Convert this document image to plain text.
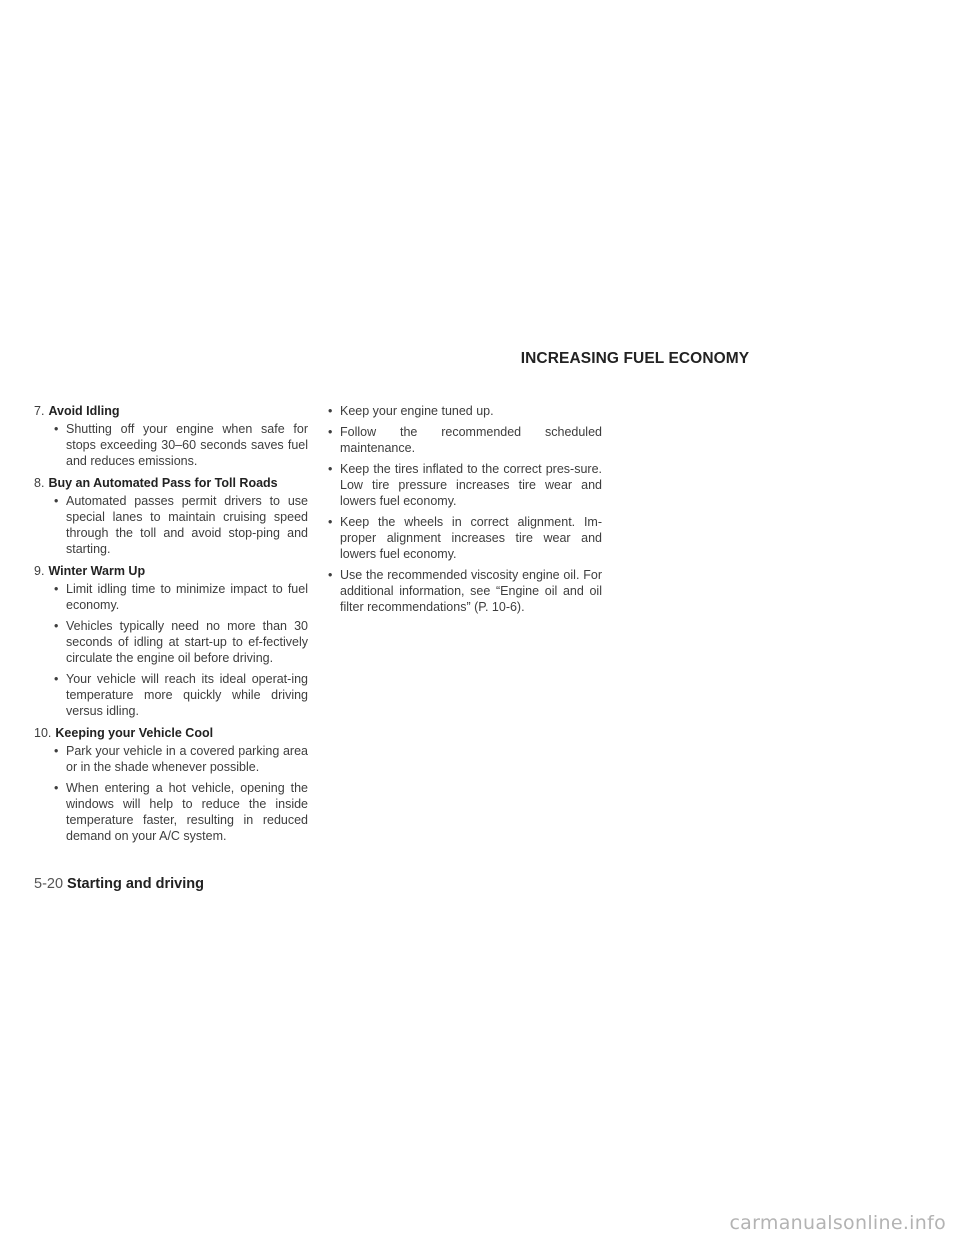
INCREASING FUEL ECONOMY
7. Avoid Idling
• Shutting off your engine when safe for stops exceeding 30–60 seconds saves fuel and reduces emissions.
8. Buy an Automated Pass for Toll Roads
• Automated passes permit drivers to use special lanes to maintain cruising speed through the toll and avoid stop-ping and starting.
9. Winter Warm Up
• Limit idling time to minimize impact to fuel economy.
• Vehicles typically need no more than 30 seconds of idling at start-up to ef-fectively circulate the engine oil before driving.
• Your vehicle will reach its ideal operat-ing temperature more quickly while driving versus idling.
10. Keeping your Vehicle Cool
• Park your vehicle in a covered parking area or in the shade whenever possible.
• When entering a hot vehicle, opening the windows will help to reduce the inside temperature faster, resulting in reduced demand on your A/C system.
• Keep your engine tuned up.
• Follow the recommended scheduled maintenance.
• Keep the tires inflated to the correct pres-sure. Low tire pressure increases tire wear and lowers fuel economy.
• Keep the wheels in correct alignment. Im-proper alignment increases tire wear and lowers fuel economy.
• Use the recommended viscosity engine oil. For additional information, see “Engine oil and oil filter recommendations” (P. 10-6).
5-20 Starting and driving
carmanualsonline.info
